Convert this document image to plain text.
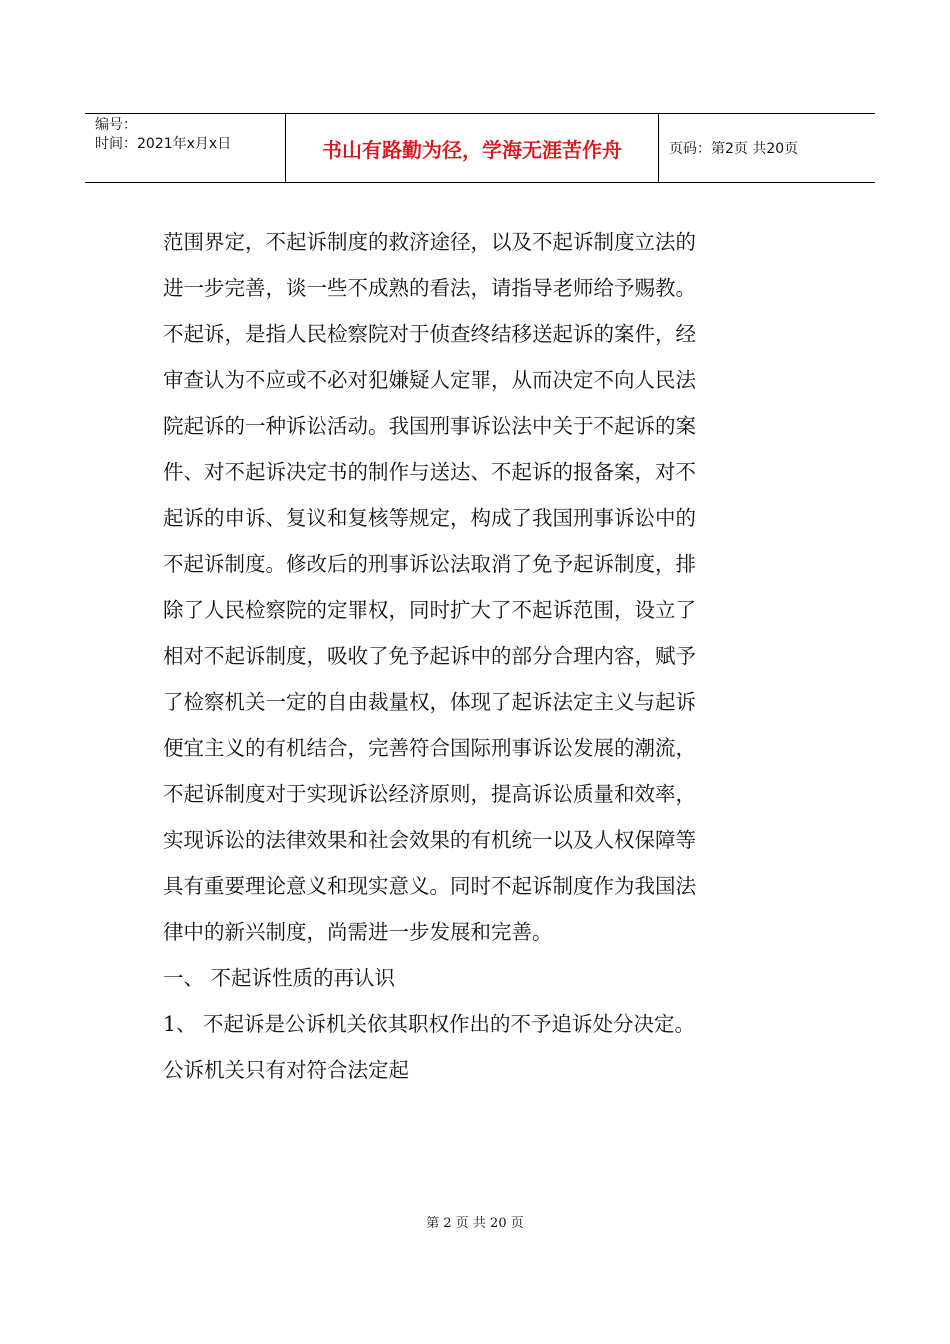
编号：
时间：2021年x月x日	书山有路勤为径，学海无涯苦作舟	页码：第2页 共20页

范围界定，不起诉制度的救济途径，以及不起诉制度立法的

进一步完善，谈一些不成熟的看法，请指导老师给予赐教。

不起诉，是指人民检察院对于侦查终结移送起诉的案件，经

审查认为不应或不必对犯嫌疑人定罪，从而决定不向人民法

院起诉的一种诉讼活动。我国刑事诉讼法中关于不起诉的案

件、对不起诉决定书的制作与送达、不起诉的报备案，对不

起诉的申诉、复议和复核等规定，构成了我国刑事诉讼中的

不起诉制度。修改后的刑事诉讼法取消了免予起诉制度，排

除了人民检察院的定罪权，同时扩大了不起诉范围，设立了

相对不起诉制度，吸收了免予起诉中的部分合理内容，赋予

了检察机关一定的自由裁量权，体现了起诉法定主义与起诉

便宜主义的有机结合，完善符合国际刑事诉讼发展的潮流，

不起诉制度对于实现诉讼经济原则，提高诉讼质量和效率，

实现诉讼的法律效果和社会效果的有机统一以及人权保障等

具有重要理论意义和现实意义。同时不起诉制度作为我国法

律中的新兴制度，尚需进一步发展和完善。

一、 不起诉性质的再认识

1、 不起诉是公诉机关依其职权作出的不予追诉处分决定。

公诉机关只有对符合法定起

第 2 页 共 20 页
